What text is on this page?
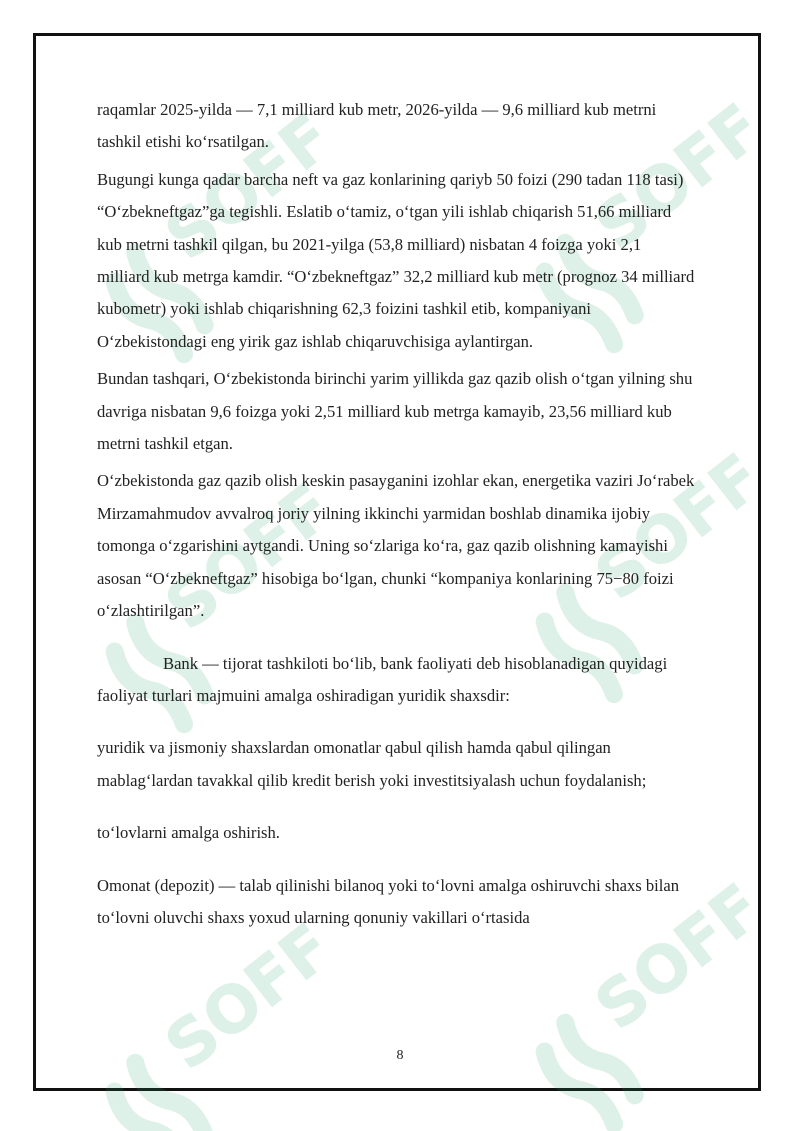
SOFF

raqamlar 2025-yilda — 7,1 milliard kub metr, 2026-yilda — 9,6 milliard kub metrni tashkil etishi koʻrsatilgan.

Bugungi kunga qadar barcha neft va gaz konlarining qariyb 50 foizi (290 tadan 118 tasi) “Oʻzbekneftgaz”ga tegishli. Eslatib oʻtamiz, oʻtgan yili ishlab chiqarish 51,66 milliard kub metrni tashkil qilgan, bu 2021-yilga (53,8 milliard) nisbatan 4 foizga yoki 2,1 milliard kub metrga kamdir. “Oʻzbekneftgaz” 32,2 milliard kub metr (prognoz 34 milliard kubometr) yoki ishlab chiqarishning 62,3 foizini tashkil etib, kompaniyani Oʻzbekistondagi eng yirik gaz ishlab chiqaruvchisiga aylantirgan.

Bundan tashqari, Oʻzbekistonda birinchi yarim yillikda gaz qazib olish oʻtgan yilning shu davriga nisbatan 9,6 foizga yoki 2,51 milliard kub metrga kamayib, 23,56 milliard kub metrni tashkil etgan.

Oʻzbekistonda gaz qazib olish keskin pasayganini izohlar ekan, energetika vaziri Joʻrabek Mirzamahmudov avvalroq joriy yilning ikkinchi yarmidan boshlab dinamika ijobiy tomonga oʻzgarishini aytgandi. Uning soʻzlariga koʻra, gaz qazib olishning kamayishi asosan “Oʻzbekneftgaz” hisobiga boʻlgan, chunki “kompaniya konlarining 75−80 foizi oʻzlashtirilgan”.

Bank — tijorat tashkiloti boʻlib, bank faoliyati deb hisoblanadigan quyidagi faoliyat turlari majmuini amalga oshiradigan yuridik shaxsdir:

yuridik va jismoniy shaxslardan omonatlar qabul qilish hamda qabul qilingan mablagʻlardan tavakkal qilib kredit berish yoki investitsiyalash uchun foydalanish;

toʻlovlarni amalga oshirish.

Omonat (depozit) — talab qilinishi bilanoq yoki toʻlovni amalga oshiruvchi shaxs bilan toʻlovni oluvchi shaxs yoxud ularning qonuniy vakillari oʻrtasida

8
